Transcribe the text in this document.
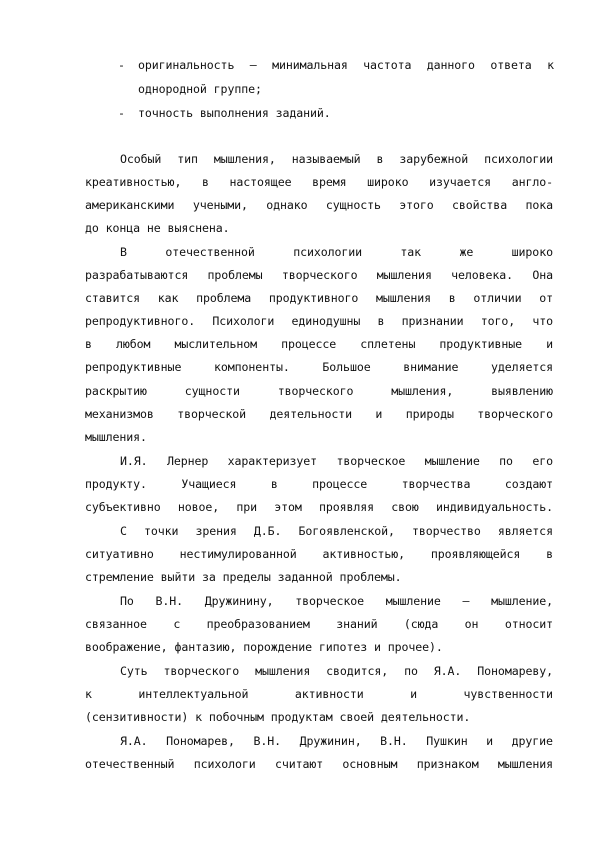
- оригинальность – минимальная частота данного ответа к
однородной группе;
- точность выполнения заданий.
Особый тип мышления, называемый в зарубежной психологии
креативностью, в настоящее время широко изучается англо-
американскими учеными, однако сущность этого свойства пока
до конца не выяснена.
В	отечественной	психологии	так	же	широко
разрабатываются проблемы творческого мышления человека. Она
ставится как проблема продуктивного мышления в отличии от
репродуктивного. Психологи единодушны в признании того, что
в любом мыслительном процессе сплетены продуктивные и
репродуктивные	компоненты.	Большое	внимание	уделяется
раскрытию	сущности	творческого	мышления,	выявлению
механизмов творческой деятельности и природы творческого
мышления.
И.Я. Лернер характеризует творческое мышление по его
продукту.	Учащиеся	в	процессе	творчества	создают
субъективно новое, при этом проявляя свою индивидуальность.
С точки зрения Д.Б. Богоявленской, творчество является
ситуативно нестимулированной активностью, проявляющейся в
стремление выйти за пределы заданной проблемы.
По В.Н. Дружинину, творческое мышление – мышление,
связанное с преобразованием знаний (сюда он относит
воображение, фантазию, порождение гипотез и прочее).
Суть творческого мышления сводится, по Я.А. Пономареву,
к	интеллектуальной	активности	и	чувственности
(сензитивности) к побочным продуктам своей деятельности.
Я.А. Пономарев, В.Н. Дружинин, В.Н. Пушкин и другие
отечественный психологи считают основным признаком мышления
